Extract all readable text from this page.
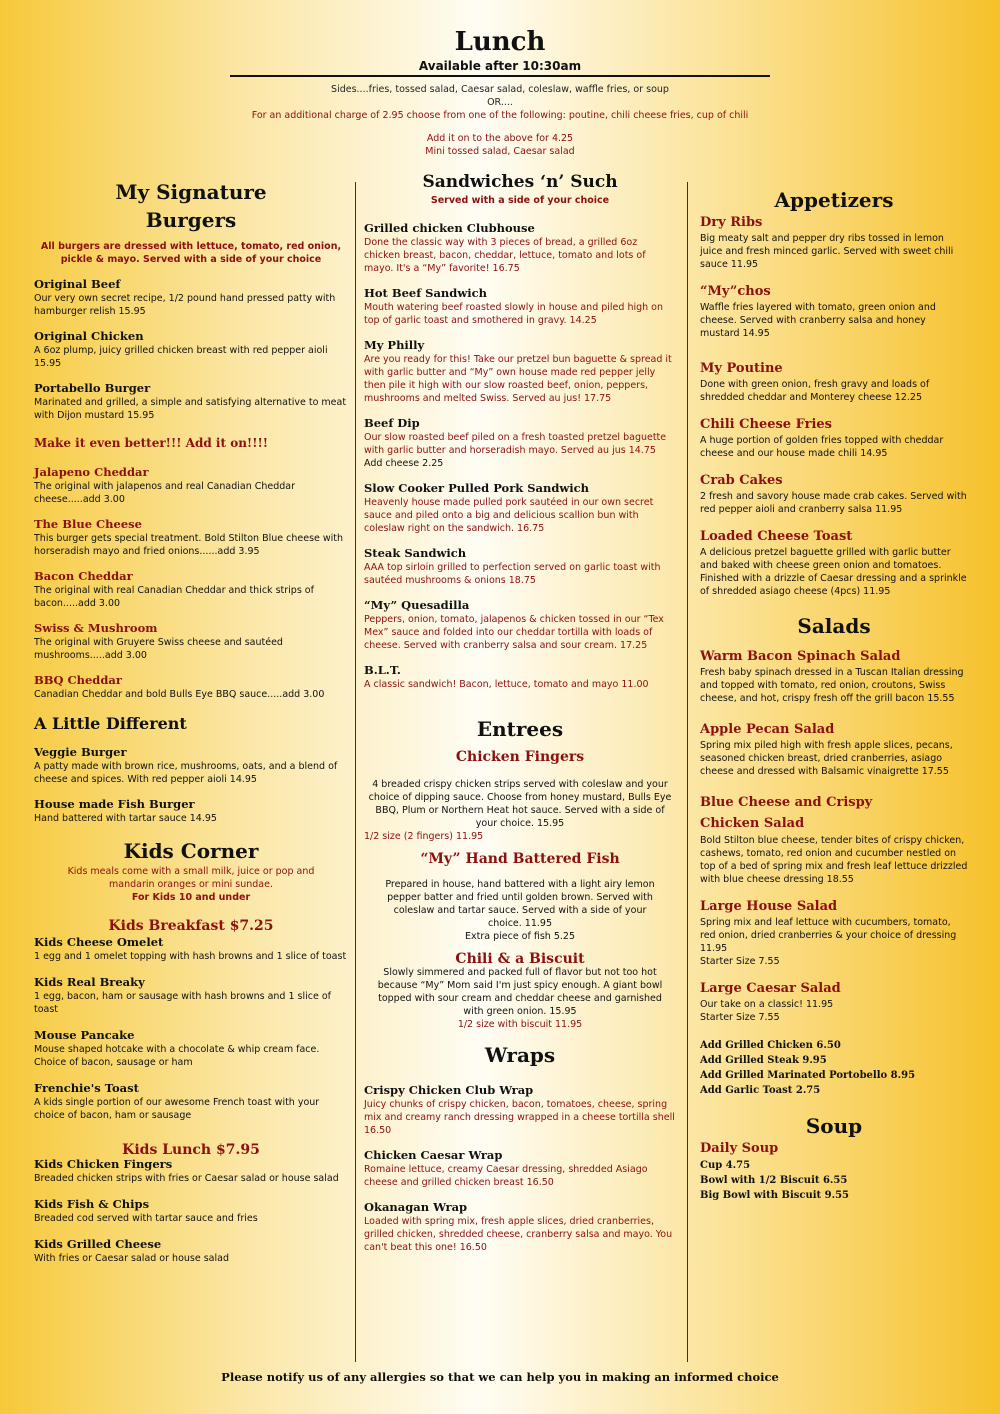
Lunch
Available after 10:30am
Sides....fries, tossed salad, Caesar salad, coleslaw, waffle fries, or soup
OR....
For an additional charge of 2.95 choose from one of the following: poutine, chili cheese fries, cup of chili
Add it on to the above for 4.25
Mini tossed salad, Caesar salad
My Signature
Burgers
All burgers are dressed with lettuce, tomato, red onion, pickle & mayo. Served with a side of your choice
Original Beef
Our very own secret recipe, 1/2 pound hand pressed patty with hamburger relish 15.95
Original Chicken
A 6oz plump, juicy grilled chicken breast with red pepper aioli 15.95
Portabello Burger
Marinated and grilled, a simple and satisfying alternative to meat with Dijon mustard 15.95
Make it even better!!! Add it on!!!!
Jalapeno Cheddar
The original with jalapenos and real Canadian Cheddar cheese.....add 3.00
The Blue Cheese
This burger gets special treatment. Bold Stilton Blue cheese with horseradish mayo and fried onions......add 3.95
Bacon Cheddar
The original with real Canadian Cheddar and thick strips of bacon.....add 3.00
Swiss & Mushroom
The original with Gruyere Swiss cheese and sautéed mushrooms.....add 3.00
BBQ Cheddar
Canadian Cheddar and bold Bulls Eye BBQ sauce.....add 3.00
A Little Different
Veggie Burger
A patty made with brown rice, mushrooms, oats, and a blend of cheese and spices. With red pepper aioli 14.95
House made Fish Burger
Hand battered with tartar sauce 14.95
Kids Corner
Kids meals come with a small milk, juice or pop and mandarin oranges or mini sundae.
For Kids 10 and under
Kids Breakfast $7.25
Kids Cheese Omelet
1 egg and 1 omelet topping with hash browns and 1 slice of toast
Kids Real Breaky
1 egg, bacon, ham or sausage with hash browns and 1 slice of toast
Mouse Pancake
Mouse shaped hotcake with a chocolate & whip cream face. Choice of bacon, sausage or ham
Frenchie's Toast
A kids single portion of our awesome French toast with your choice of bacon, ham or sausage
Kids Lunch $7.95
Kids Chicken Fingers
Breaded chicken strips with fries or Caesar salad or house salad
Kids Fish & Chips
Breaded cod served with tartar sauce and fries
Kids Grilled Cheese
With fries or Caesar salad or house salad
Sandwiches ‘n’ Such
Served with a side of your choice
Grilled chicken Clubhouse
Done the classic way with 3 pieces of bread, a grilled 6oz chicken breast, bacon, cheddar, lettuce, tomato and lots of mayo. It's a “My” favorite! 16.75
Hot Beef Sandwich
Mouth watering beef roasted slowly in house and piled high on top of garlic toast and smothered in gravy. 14.25
My Philly
Are you ready for this! Take our pretzel bun baguette & spread it with garlic butter and “My” own house made red pepper jelly then pile it high with our slow roasted beef, onion, peppers, mushrooms and melted Swiss. Served au jus! 17.75
Beef Dip
Our slow roasted beef piled on a fresh toasted pretzel baguette with garlic butter and horseradish mayo. Served au jus 14.75
Add cheese 2.25
Slow Cooker Pulled Pork Sandwich
Heavenly house made pulled pork sautéed in our own secret sauce and piled onto a big and delicious scallion bun with coleslaw right on the sandwich. 16.75
Steak Sandwich
AAA top sirloin grilled to perfection served on garlic toast with sautéed mushrooms & onions 18.75
“My” Quesadilla
Peppers, onion, tomato, jalapenos & chicken tossed in our “Tex Mex” sauce and folded into our cheddar tortilla with loads of cheese. Served with cranberry salsa and sour cream. 17.25
B.L.T.
A classic sandwich! Bacon, lettuce, tomato and mayo 11.00
Entrees
Chicken Fingers
4 breaded crispy chicken strips served with coleslaw and your choice of dipping sauce. Choose from honey mustard, Bulls Eye BBQ, Plum or Northern Heat hot sauce. Served with a side of your choice. 15.95
1/2 size (2 fingers) 11.95
“My” Hand Battered Fish
Prepared in house, hand battered with a light airy lemon pepper batter and fried until golden brown. Served with coleslaw and tartar sauce. Served with a side of your choice. 11.95
Extra piece of fish 5.25
Chili & a Biscuit
Slowly simmered and packed full of flavor but not too hot because “My” Mom said I'm just spicy enough. A giant bowl topped with sour cream and cheddar cheese and garnished with green onion. 15.95
1/2 size with biscuit 11.95
Wraps
Crispy Chicken Club Wrap
Juicy chunks of crispy chicken, bacon, tomatoes, cheese, spring mix and creamy ranch dressing wrapped in a cheese tortilla shell 16.50
Chicken Caesar Wrap
Romaine lettuce, creamy Caesar dressing, shredded Asiago cheese and grilled chicken breast 16.50
Okanagan Wrap
Loaded with spring mix, fresh apple slices, dried cranberries, grilled chicken, shredded cheese, cranberry salsa and mayo. You can't beat this one! 16.50
Appetizers
Dry Ribs
Big meaty salt and pepper dry ribs tossed in lemon juice and fresh minced garlic. Served with sweet chili sauce 11.95
“My”chos
Waffle fries layered with tomato, green onion and cheese. Served with cranberry salsa and honey mustard 14.95
My Poutine
Done with green onion, fresh gravy and loads of shredded cheddar and Monterey cheese 12.25
Chili Cheese Fries
A huge portion of golden fries topped with cheddar cheese and our house made chili 14.95
Crab Cakes
2 fresh and savory house made crab cakes. Served with red pepper aioli and cranberry salsa 11.95
Loaded Cheese Toast
A delicious pretzel baguette grilled with garlic butter and baked with cheese green onion and tomatoes. Finished with a drizzle of Caesar dressing and a sprinkle of shredded asiago cheese (4pcs) 11.95
Salads
Warm Bacon Spinach Salad
Fresh baby spinach dressed in a Tuscan Italian dressing and topped with tomato, red onion, croutons, Swiss cheese, and hot, crispy fresh off the grill bacon 15.55
Apple Pecan Salad
Spring mix piled high with fresh apple slices, pecans, seasoned chicken breast, dried cranberries, asiago cheese and dressed with Balsamic vinaigrette 17.55
Blue Cheese and Crispy Chicken Salad
Bold Stilton blue cheese, tender bites of crispy chicken, cashews, tomato, red onion and cucumber nestled on top of a bed of spring mix and fresh leaf lettuce drizzled with blue cheese dressing 18.55
Large House Salad
Spring mix and leaf lettuce with cucumbers, tomato, red onion, dried cranberries & your choice of dressing 11.95
Starter Size 7.55
Large Caesar Salad
Our take on a classic! 11.95
Starter Size 7.55
Add Grilled Chicken 6.50
Add Grilled Steak 9.95
Add Grilled Marinated Portobello 8.95
Add Garlic Toast 2.75
Soup
Daily Soup
Cup 4.75
Bowl with 1/2 Biscuit 6.55
Big Bowl with Biscuit 9.55
Please notify us of any allergies so that we can help you in making an informed choice
